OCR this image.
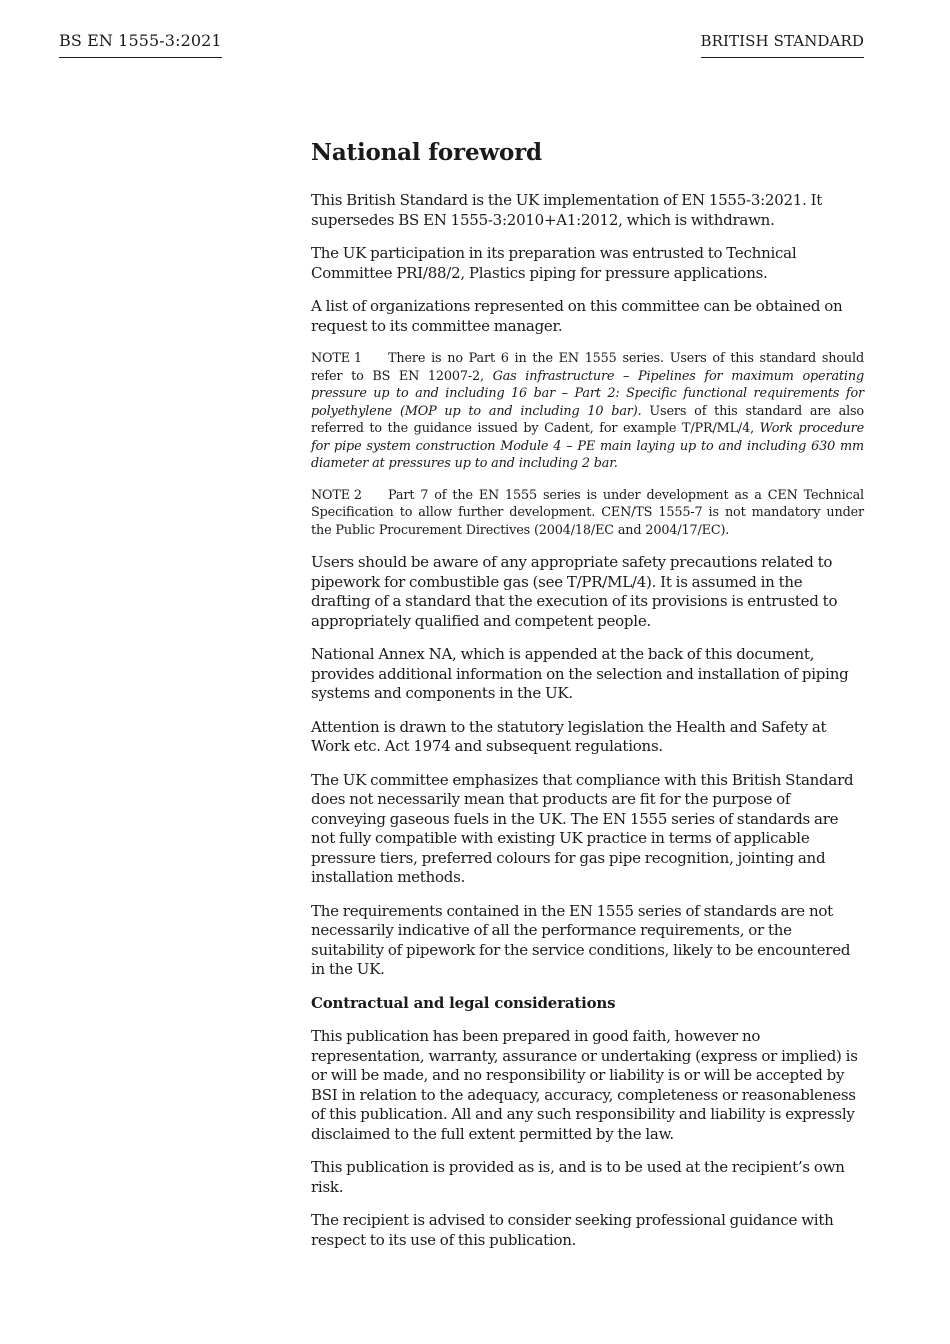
BS EN 1555-3:2021	BRITISH STANDARD
National foreword

This British Standard is the UK implementation of EN 1555-3:2021. It supersedes BS EN 1555-3:2010+A1:2012, which is withdrawn.

The UK participation in its preparation was entrusted to Technical Committee PRI/88/2, Plastics piping for pressure applications.

A list of organizations represented on this committee can be obtained on request to its committee manager.

NOTE 1 There is no Part 6 in the EN 1555 series. Users of this standard should refer to BS EN 12007-2, Gas infrastructure – Pipelines for maximum operating pressure up to and including 16 bar – Part 2: Specific functional requirements for polyethylene (MOP up to and including 10 bar). Users of this standard are also referred to the guidance issued by Cadent, for example T/PR/ML/4, Work procedure for pipe system construction Module 4 – PE main laying up to and including 630 mm diameter at pressures up to and including 2 bar.

NOTE 2 Part 7 of the EN 1555 series is under development as a CEN Technical Specification to allow further development. CEN/TS 1555-7 is not mandatory under the Public Procurement Directives (2004/18/EC and 2004/17/EC).

Users should be aware of any appropriate safety precautions related to pipework for combustible gas (see T/PR/ML/4). It is assumed in the drafting of a standard that the execution of its provisions is entrusted to appropriately qualified and competent people.

National Annex NA, which is appended at the back of this document, provides additional information on the selection and installation of piping systems and components in the UK.

Attention is drawn to the statutory legislation the Health and Safety at Work etc. Act 1974 and subsequent regulations.

The UK committee emphasizes that compliance with this British Standard does not necessarily mean that products are fit for the purpose of conveying gaseous fuels in the UK. The EN 1555 series of standards are not fully compatible with existing UK practice in terms of applicable pressure tiers, preferred colours for gas pipe recognition, jointing and installation methods.

The requirements contained in the EN 1555 series of standards are not necessarily indicative of all the performance requirements, or the suitability of pipework for the service conditions, likely to be encountered in the UK.

Contractual and legal considerations

This publication has been prepared in good faith, however no representation, warranty, assurance or undertaking (express or implied) is or will be made, and no responsibility or liability is or will be accepted by BSI in relation to the adequacy, accuracy, completeness or reasonableness of this publication. All and any such responsibility and liability is expressly disclaimed to the full extent permitted by the law.

This publication is provided as is, and is to be used at the recipient’s own risk.

The recipient is advised to consider seeking professional guidance with respect to its use of this publication.
